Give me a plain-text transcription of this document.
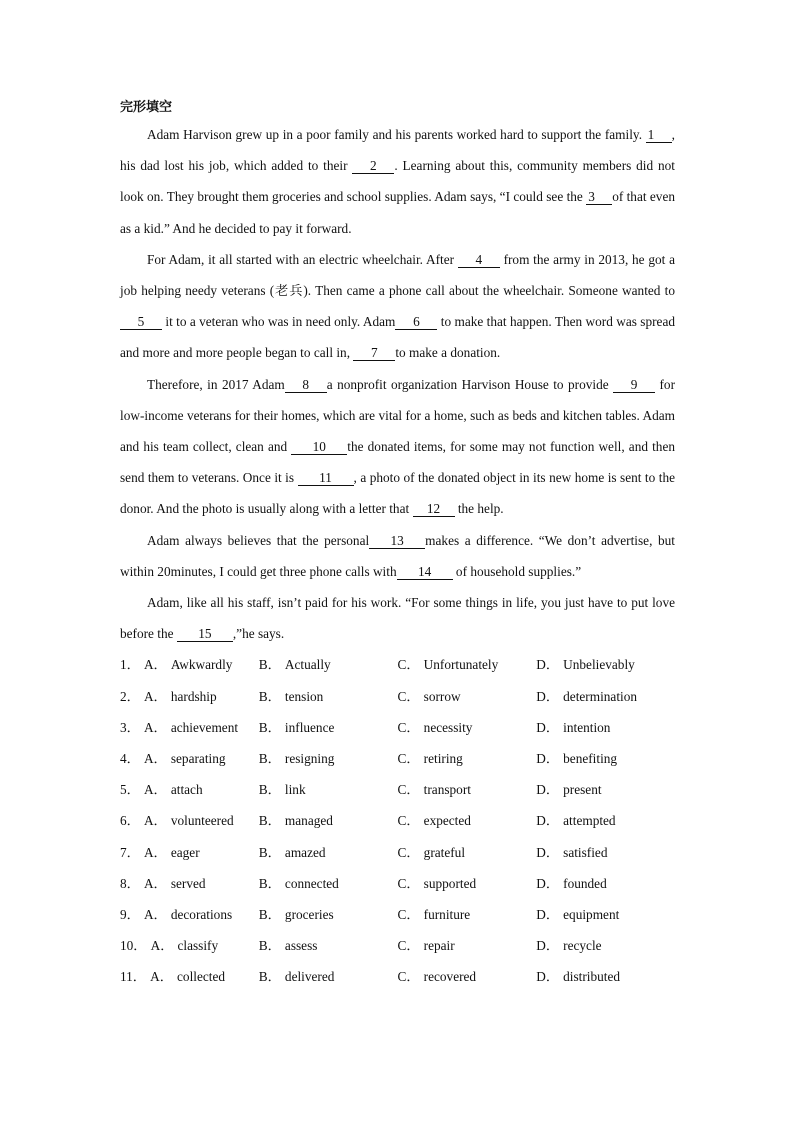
完形填空

Adam Harvison grew up in a poor family and his parents worked hard to support the family. 1 , his dad lost his job, which added to their 2 . Learning about this, community members did not look on. They brought them groceries and school supplies. Adam says, “I could see the 3 of that even as a kid.” And he decided to pay it forward.

For Adam, it all started with an electric wheelchair. After 4 from the army in 2013, he got a job helping needy veterans (老兵). Then came a phone call about the wheelchair. Someone wanted to 5 it to a veteran who was in need only. Adam 6 to make that happen. Then word was spread and more and more people began to call in, 7 to make a donation.

Therefore, in 2017 Adam 8 a nonprofit organization Harvison House to provide 9 for low-income veterans for their homes, which are vital for a home, such as beds and kitchen tables. Adam and his team collect, clean and 10 the donated items, for some may not function well, and then send them to veterans. Once it is 11 , a photo of the donated object in its new home is sent to the donor. And the photo is usually along with a letter that 12 the help.

Adam always believes that the personal 13 makes a difference. “We don’t advertise, but within 20minutes, I could get three phone calls with 14 of household supplies.”

Adam, like all his staff, isn’t paid for his work. “For some things in life, you just have to put love before the 15 ,”he says.

1． A． Awkwardly	B． Actually	C． Unfortunately	D． Unbelievably
2． A． hardship	B． tension	C． sorrow	D． determination
3． A． achievement	B． influence	C． necessity	D． intention
4． A． separating	B． resigning	C． retiring	D． benefiting
5． A． attach	B． link	C． transport	D． present
6． A． volunteered	B． managed	C． expected	D． attempted
7． A． eager	B． amazed	C． grateful	D． satisfied
8． A． served	B． connected	C． supported	D． founded
9． A． decorations	B． groceries	C． furniture	D． equipment
10． A． classify	B． assess	C． repair	D． recycle
11． A． collected	B． delivered	C． recovered	D． distributed
